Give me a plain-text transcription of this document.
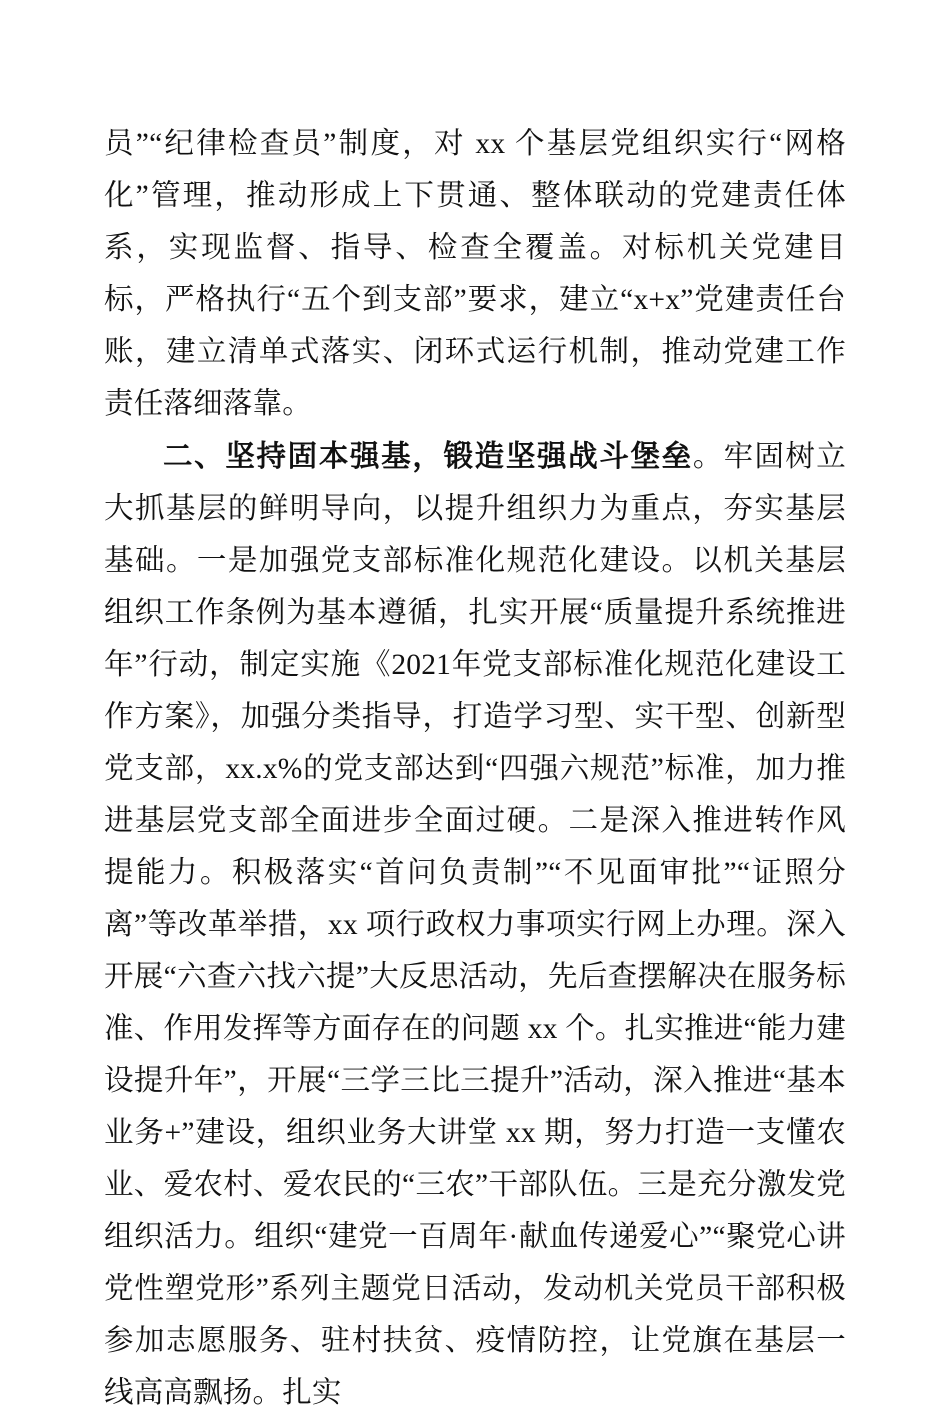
员”“纪律检查员”制度，对 xx 个基层党组织实行“网格化”管理，推动形成上下贯通、整体联动的党建责任体系，实现监督、指导、检查全覆盖。对标机关党建目标，严格执行“五个到支部”要求，建立“x+x”党建责任台账，建立清单式落实、闭环式运行机制，推动党建工作责任落细落靠。

二、坚持固本强基，锻造坚强战斗堡垒。牢固树立大抓基层的鲜明导向，以提升组织力为重点，夯实基层基础。一是加强党支部标准化规范化建设。以机关基层组织工作条例为基本遵循，扎实开展“质量提升系统推进年”行动，制定实施《2021年党支部标准化规范化建设工作方案》，加强分类指导，打造学习型、实干型、创新型党支部，xx.x%的党支部达到“四强六规范”标准，加力推进基层党支部全面进步全面过硬。二是深入推进转作风提能力。积极落实“首问负责制”“不见面审批”“证照分离”等改革举措，xx 项行政权力事项实行网上办理。深入开展“六查六找六提”大反思活动，先后查摆解决在服务标准、作用发挥等方面存在的问题 xx 个。扎实推进“能力建设提升年”，开展“三学三比三提升”活动，深入推进“基本业务+”建设，组织业务大讲堂 xx 期，努力打造一支懂农业、爱农村、爱农民的“三农”干部队伍。三是充分激发党组织活力。组织“建党一百周年·献血传递爱心”“聚党心讲党性塑党形”系列主题党日活动，发动机关党员干部积极参加志愿服务、驻村扶贫、疫情防控，让党旗在基层一线高高飘扬。扎实
